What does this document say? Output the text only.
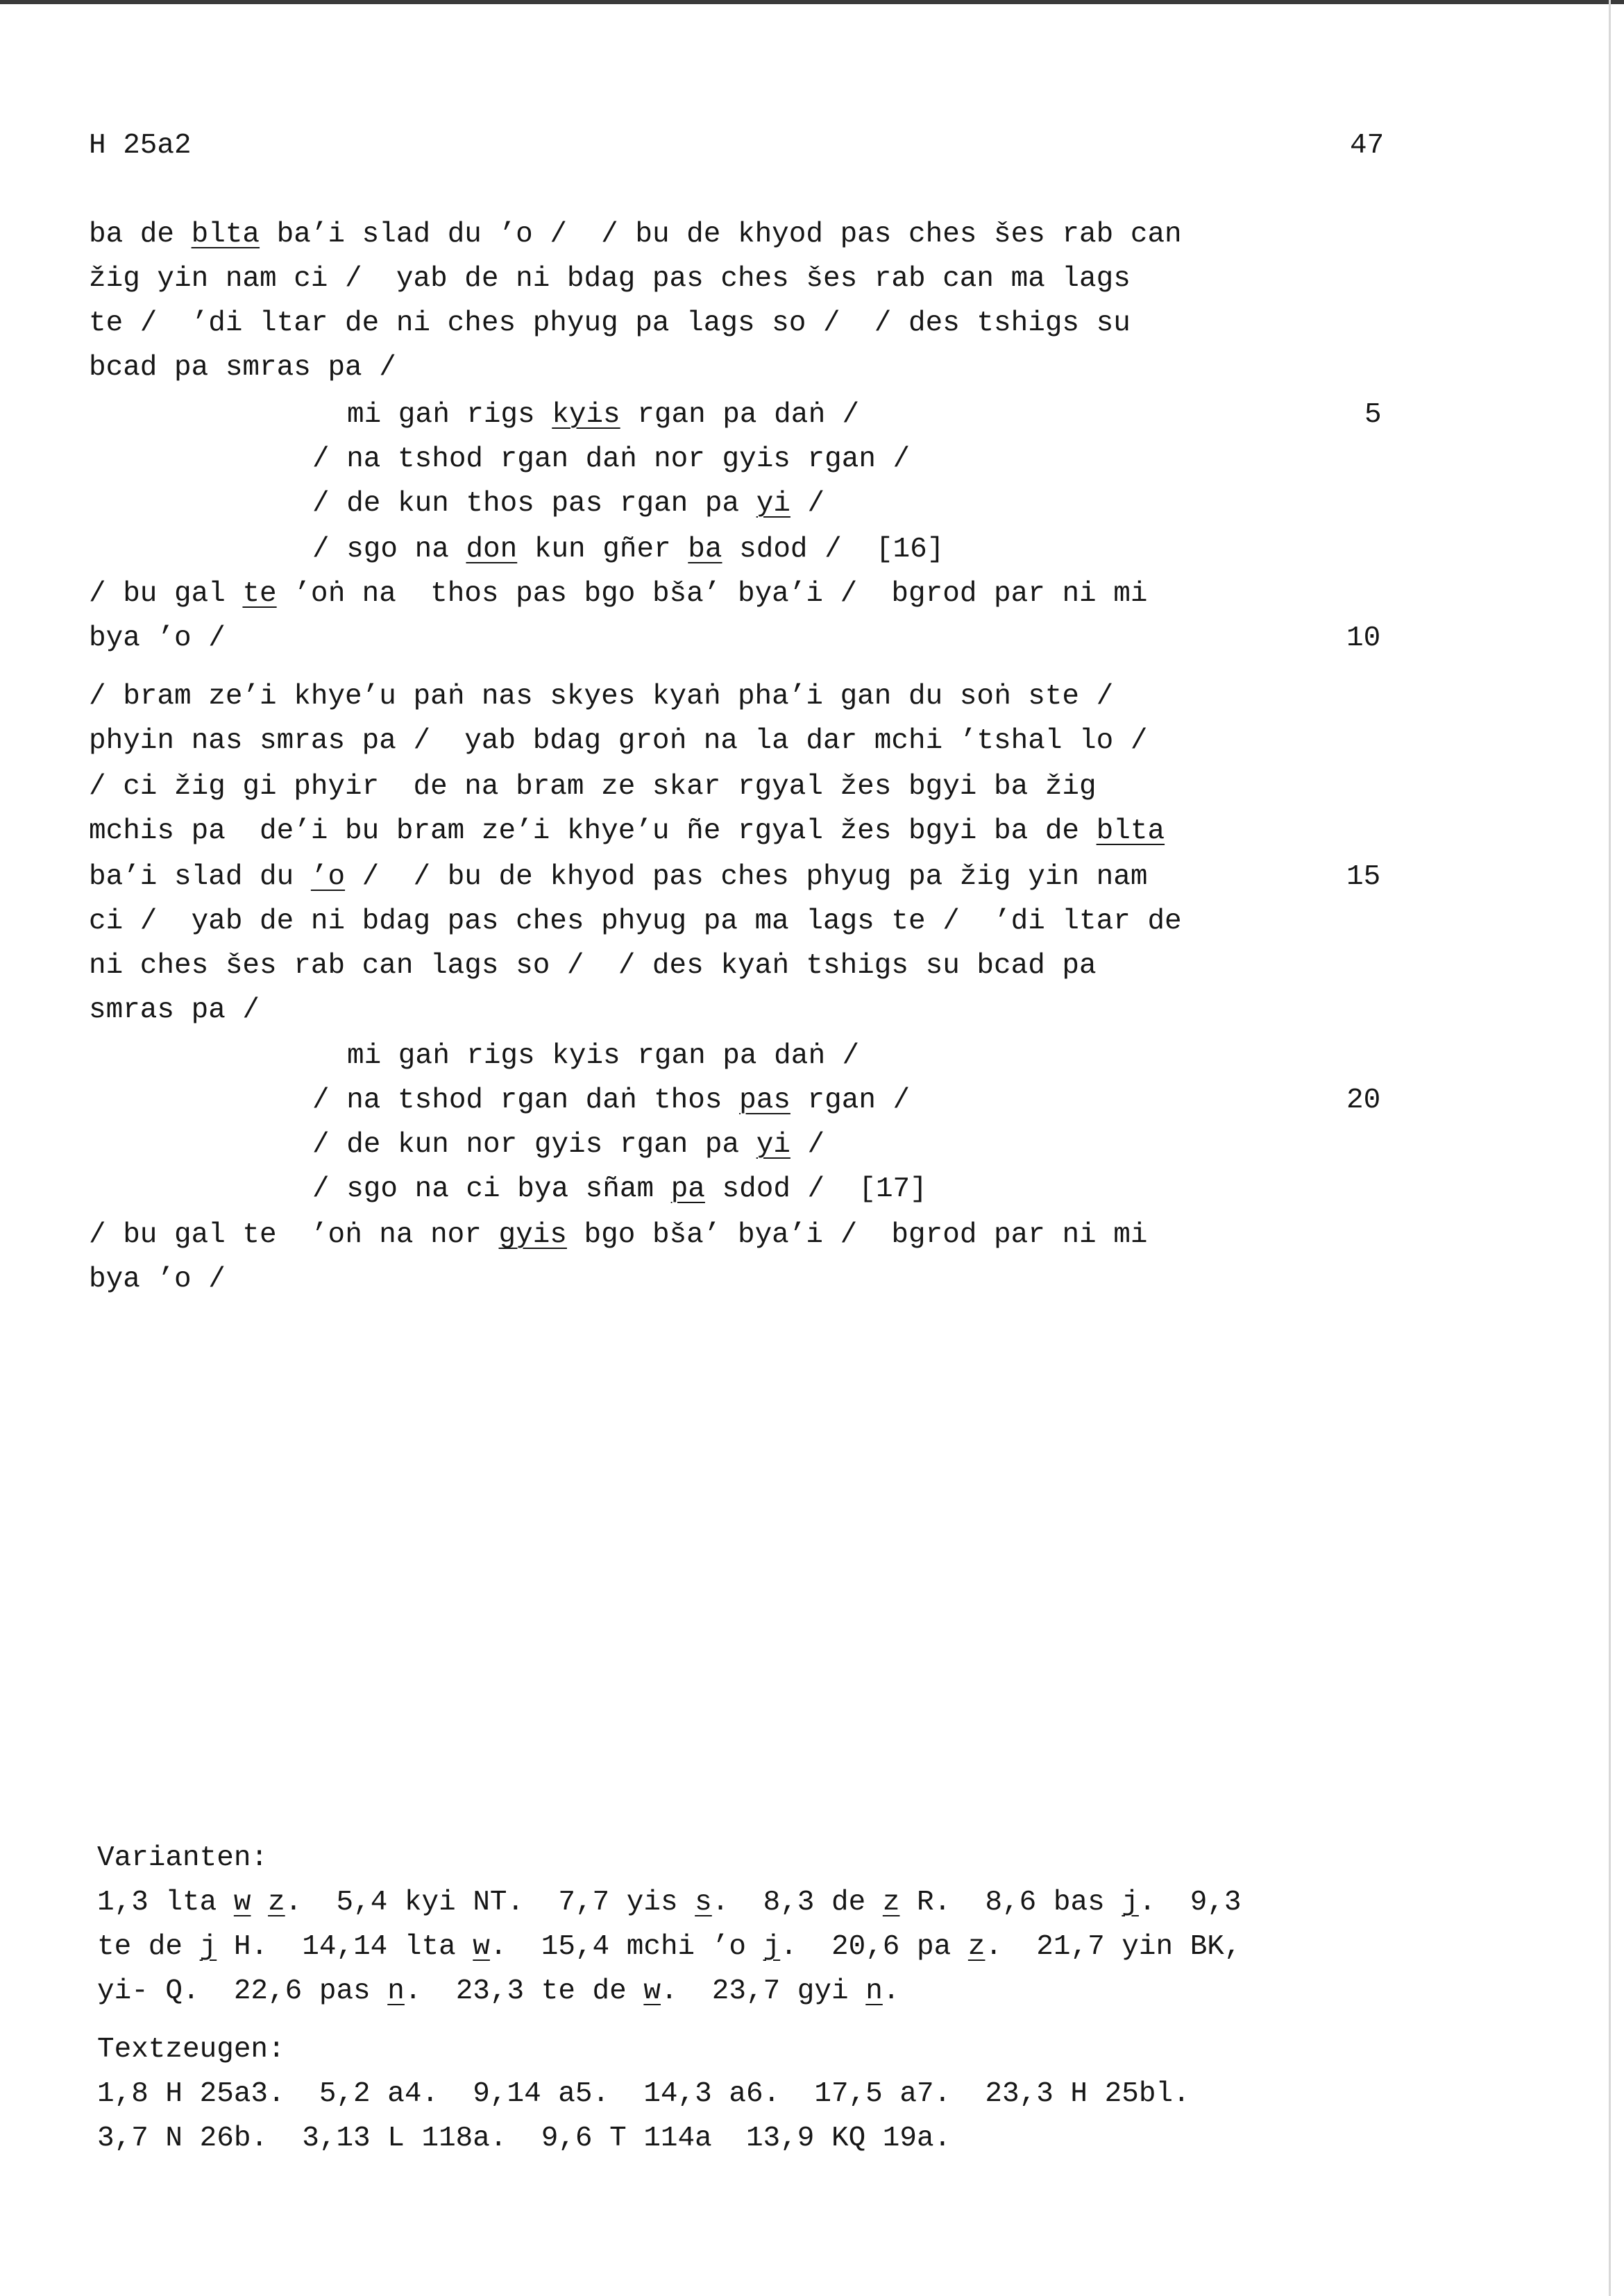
H 25a2	47
ba de blta ba’i slad du ’o /  / bu de khyod pas ches šes rab can
žig yin nam ci /  yab de ni bdag pas ches šes rab can ma lags
te /  ’di ltar de ni ches phyug pa lags so /  / des tshigs su
bcad pa smras pa /
mi gaṅ rigs kyis rgan pa daṅ /
/ na tshod rgan daṅ nor gyis rgan /
/ de kun thos pas rgan pa yi /
/ sgo na don kun gñer ba sdod /  [16]
/ bu gal te ’oṅ na  thos pas bgo bša’ bya’i /  bgrod par ni mi
bya ’o /
/ bram ze’i khye’u paṅ nas skyes kyaṅ pha’i gan du soṅ ste /
phyin nas smras pa /  yab bdag groṅ na la dar mchi ’tshal lo /
/ ci žig gi phyir  de na bram ze skar rgyal žes bgyi ba žig
mchis pa  de’i bu bram ze’i khye’u ñe rgyal žes bgyi ba de blta
ba’i slad du ’o /  / bu de khyod pas ches phyug pa žig yin nam
ci /  yab de ni bdag pas ches phyug pa ma lags te /  ’di ltar de
ni ches šes rab can lags so /  / des kyaṅ tshigs su bcad pa
smras pa /
mi gaṅ rigs kyis rgan pa daṅ /
/ na tshod rgan daṅ thos pas rgan /
/ de kun nor gyis rgan pa yi /
/ sgo na ci bya sñam pa sdod /  [17]
/ bu gal te  ’oṅ na nor gyis bgo bša’ bya’i /  bgrod par ni mi
bya ’o /
5
10
15
20
Varianten:
1,3 lta w z.  5,4 kyi NT.  7,7 yis s.  8,3 de z R.  8,6 bas j.  9,3
te de j H.  14,14 lta w.  15,4 mchi ’o j.  20,6 pa z.  21,7 yin BK,
yi- Q.  22,6 pas n.  23,3 te de w.  23,7 gyi n.
Textzeugen:
1,8 H 25a3.  5,2 a4.  9,14 a5.  14,3 a6.  17,5 a7.  23,3 H 25bl.
3,7 N 26b.  3,13 L 118a.  9,6 T 114a  13,9 KQ 19a.
